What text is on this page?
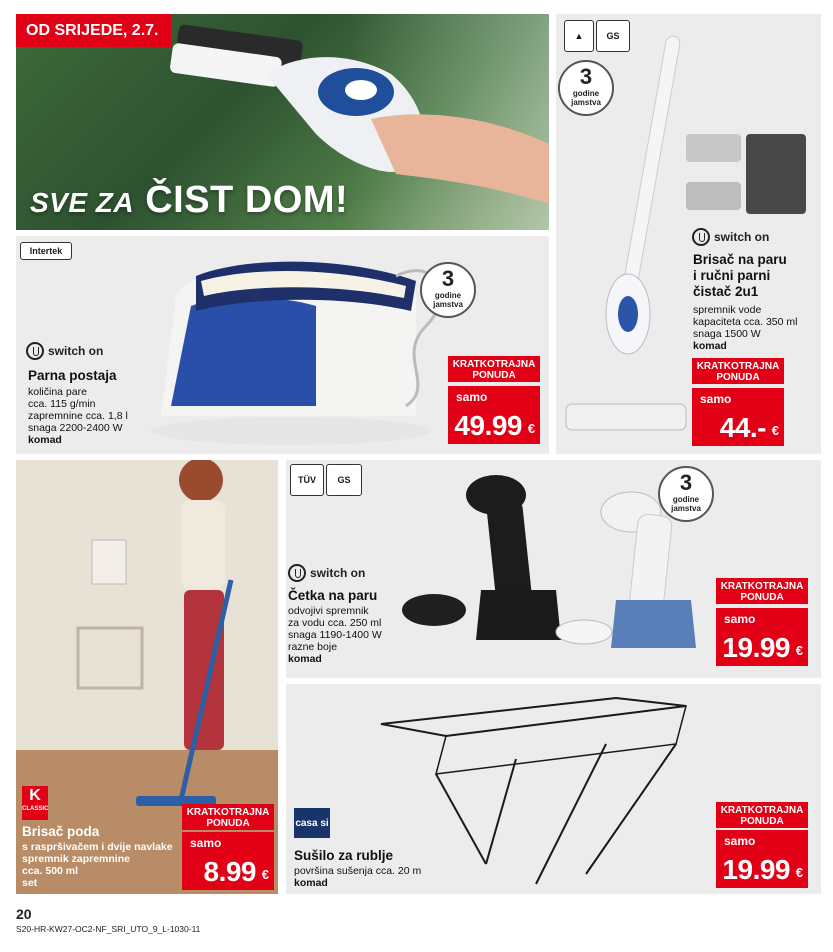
OD SRIJEDE, 2.7.
SVE ZA ČIST DOM!
Intertek
3
godine jamstva
switch on
Parna postaja
količina pare
cca. 115 g/min
zapremnine cca. 1,8 l
snaga 2200-2400 W
komad
KRATKOTRAJNA PONUDA
samo
49.99 €
▲	GS
3
godine jamstva
switch on
Brisač na paru
i ručni parni
čistač 2u1
spremnik vode
kapaciteta cca. 350 ml
snaga 1500 W
komad
KRATKOTRAJNA PONUDA
samo
44.- €
K CLASSIC
Brisač poda
s raspršivačem i dvije navlake
spremnik zapremnine
cca. 500 ml
set
KRATKOTRAJNA PONUDA
samo
8.99 €
TÜV GS	3
godine jamstva
switch on
Četka na paru
odvojivi spremnik
za vodu cca. 250 ml
snaga 1190-1400 W
razne boje
komad
KRATKOTRAJNA PONUDA
samo
19.99 €
casa si
Sušilo za rublje
površina sušenja cca. 20 m
komad
KRATKOTRAJNA PONUDA
samo
19.99 €
20
S20-HR-KW27-OC2-NF_SRI_UTO_9_L-1030-11
